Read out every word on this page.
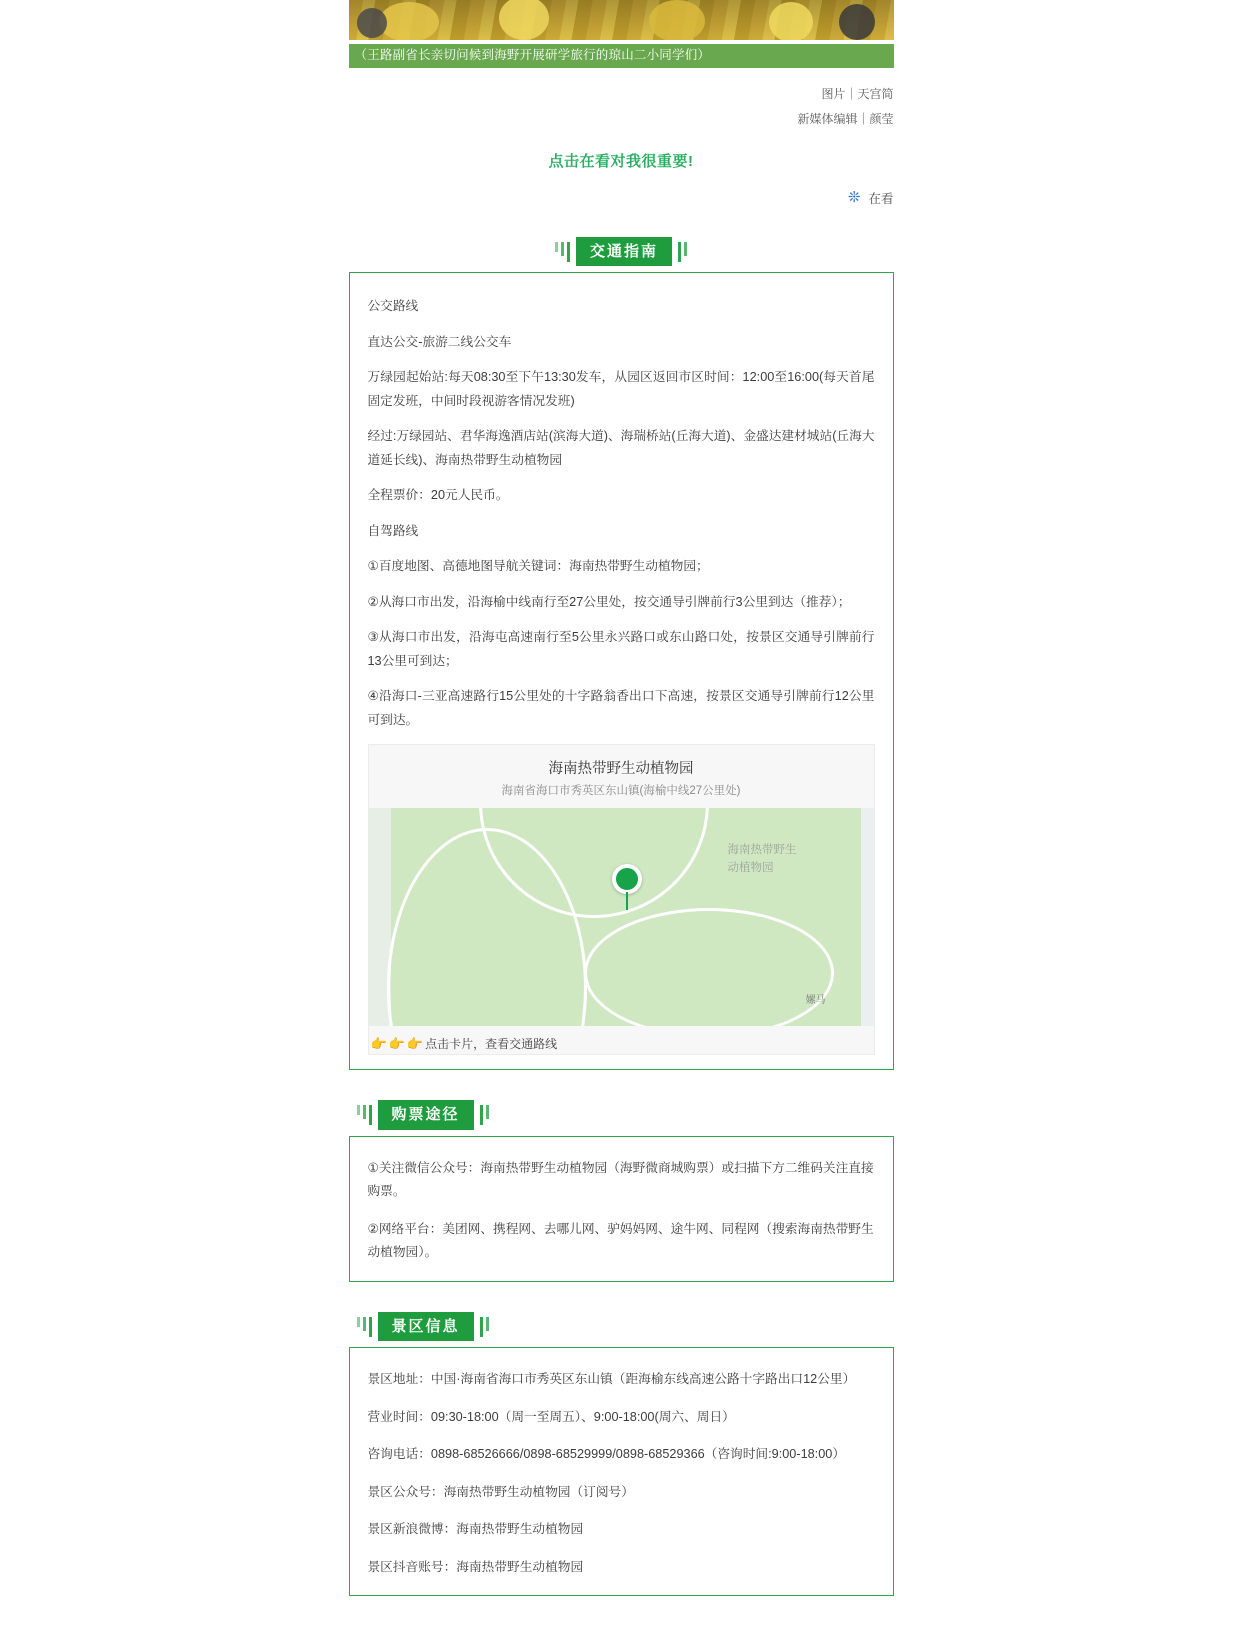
（王路副省长亲切问候到海野开展研学旅行的琼山二小同学们）
图片｜天宫简
新媒体编辑｜颜莹
点击在看对我很重要!
❊ 在看
交通指南

公交路线

直达公交-旅游二线公交车

万绿园起始站:每天08:30至下午13:30发车，从园区返回市区时间：12:00至16:00(每天首尾固定发班，中间时段视游客情况发班)

经过:万绿园站、君华海逸酒店站(滨海大道)、海瑞桥站(丘海大道)、金盛达建材城站(丘海大道延长线)、海南热带野生动植物园

全程票价：20元人民币。

自驾路线

①百度地图、高德地图导航关键词：海南热带野生动植物园；

②从海口市出发，沿海榆中线南行至27公里处，按交通导引牌前行3公里到达（推荐）；

③从海口市出发，沿海屯高速南行至5公里永兴路口或东山路口处，按景区交通导引牌前行13公里可到达；

④沿海口-三亚高速路行15公里处的十字路翁香出口下高速，按景区交通导引牌前行12公里可到达。

海南热带野生动植物园
海南省海口市秀英区东山镇(海榆中线27公里处)
海南热带野生 动植物园
嫘马
👉 👉 👉 点击卡片，查看交通路线
购票途径

①关注微信公众号：海南热带野生动植物园（海野微商城购票）或扫描下方二维码关注直接购票。

②网络平台：美团网、携程网、去哪儿网、驴妈妈网、途牛网、同程网（搜索海南热带野生动植物园）。

景区信息

景区地址：中国·海南省海口市秀英区东山镇（距海榆东线高速公路十字路出口12公里）

营业时间：09:30-18:00（周一至周五）、9:00-18:00(周六、周日）

咨询电话：0898-68526666/0898-68529999/0898-68529366（咨询时间:9:00-18:00）

景区公众号：海南热带野生动植物园（订阅号）

景区新浪微博：海南热带野生动植物园

景区抖音账号：海南热带野生动植物园
